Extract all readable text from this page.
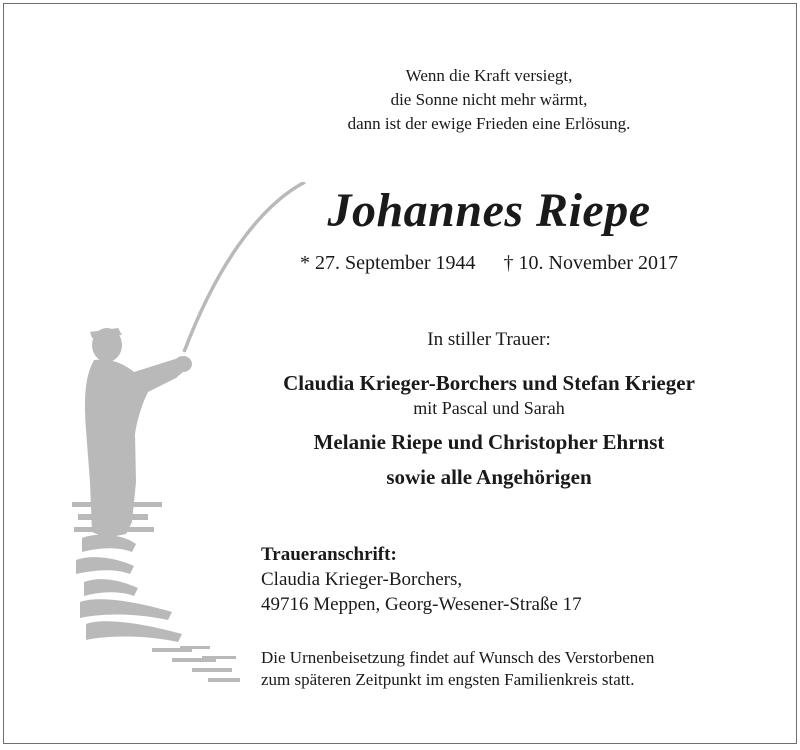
Wenn die Kraft versiegt,
die Sonne nicht mehr wärmt,
dann ist der ewige Frieden eine Erlösung.
Johannes Riepe
* 27. September 1944 † 10. November 2017
In stiller Trauer:
Claudia Krieger-Borchers und Stefan Krieger
mit Pascal und Sarah
Melanie Riepe und Christopher Ehrnst
sowie alle Angehörigen
Traueranschrift:
Claudia Krieger-Borchers,
49716 Meppen, Georg-Wesener-Straße 17
Die Urnenbeisetzung findet auf Wunsch des Verstorbenen
zum späteren Zeitpunkt im engsten Familienkreis statt.
